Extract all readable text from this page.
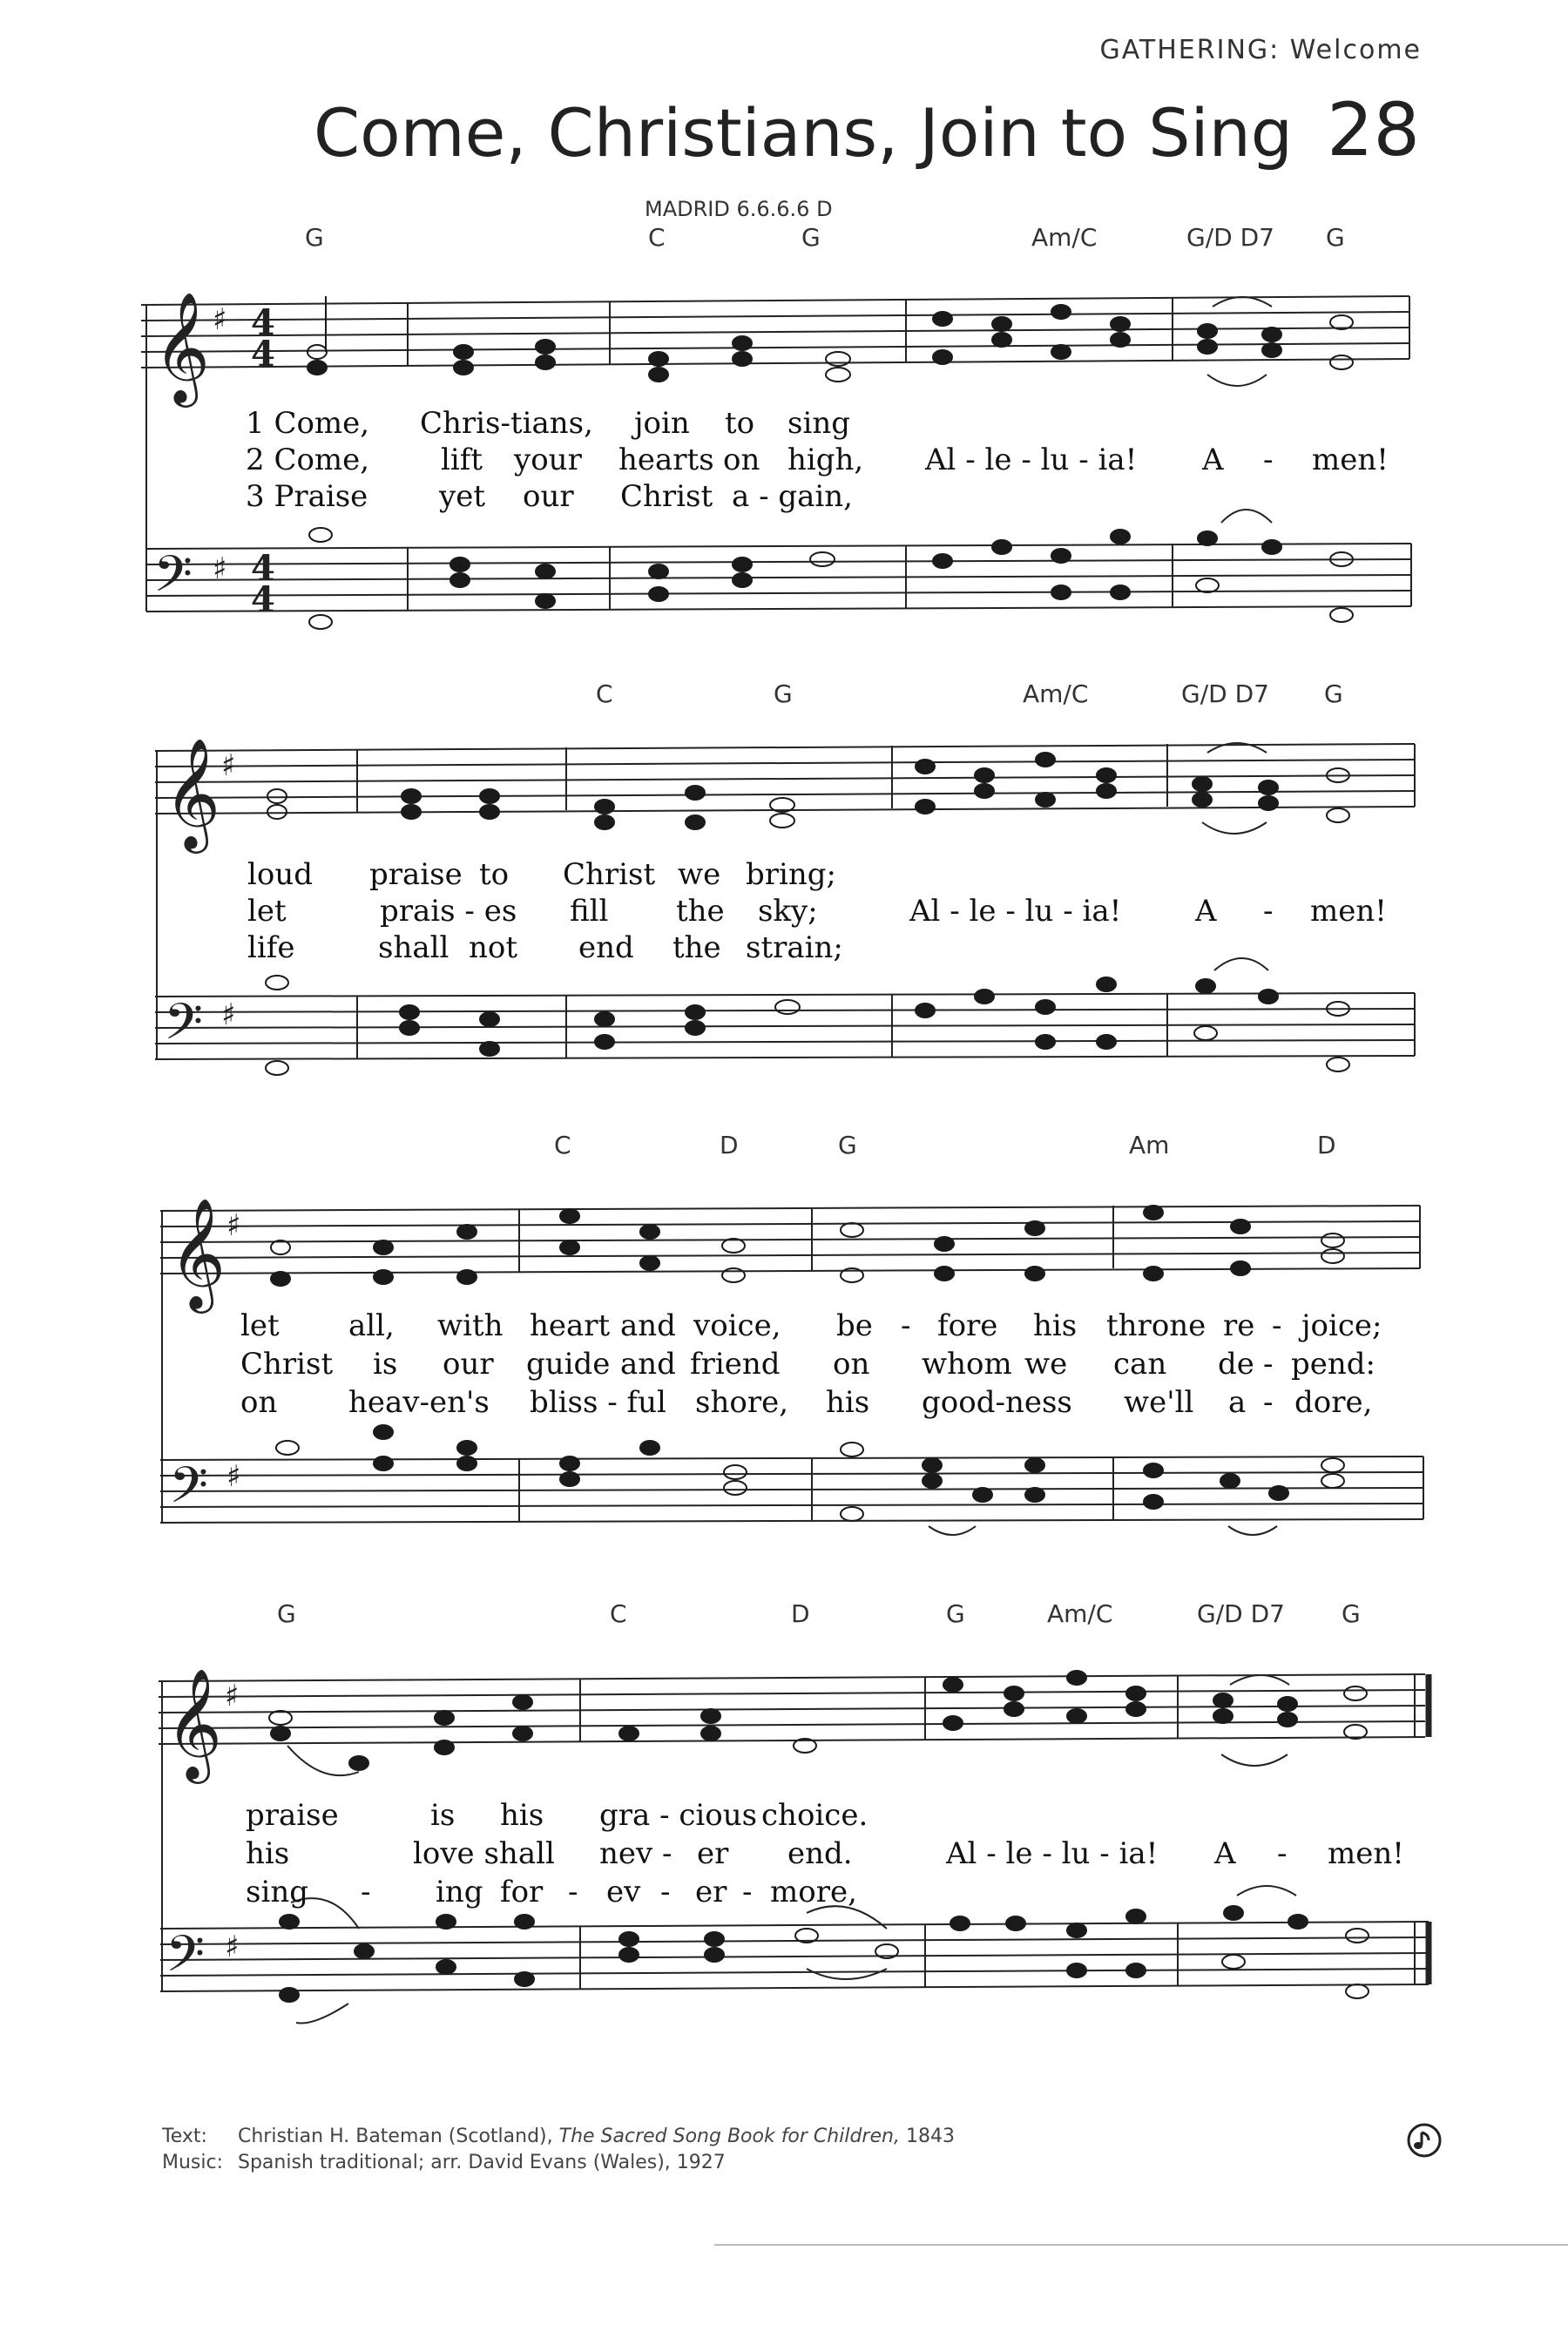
GATHERING: Welcome
Come, Christians, Join to Sing 28
MADRID 6.6.6.6 D
G	C	G	Am/C	G/D D7 G
C	G	Am/C	G/D D7 G
C	D	G	Am	D
G	C	D	G	Am/C	G/D D7 G
𝄞
𝄢
𝄞
𝄢
𝄞
𝄢
𝄞
𝄢
♯
♯
♯
♯
♯
♯
♯
♯
4
4
4
4
1 Come, Chris-tians, join to sing
2 Come, lift your hearts on high, Al - le - lu - ia! A - men!
3 Praise yet our Christ a - gain,
loud praise to Christ we bring;
let	prais - es fill the sky;	Al - le - lu - ia! A - men!
life	shall not end the strain;
let all, with heart and voice, be - fore his throne re - joice;
Christ is our guide and friend on whom we can de - pend:
on heav-en's bliss - ful shore, his good-ness we'll a - dore,
praise	is his gra - cious choice.
his	love shall nev - er end.	Al - le - lu - ia! A - men!
sing - ing for - ev - er - more,
Text: Christian H. Bateman (Scotland), The Sacred Song Book for Children, 1843
Music: Spanish traditional; arr. David Evans (Wales), 1927
